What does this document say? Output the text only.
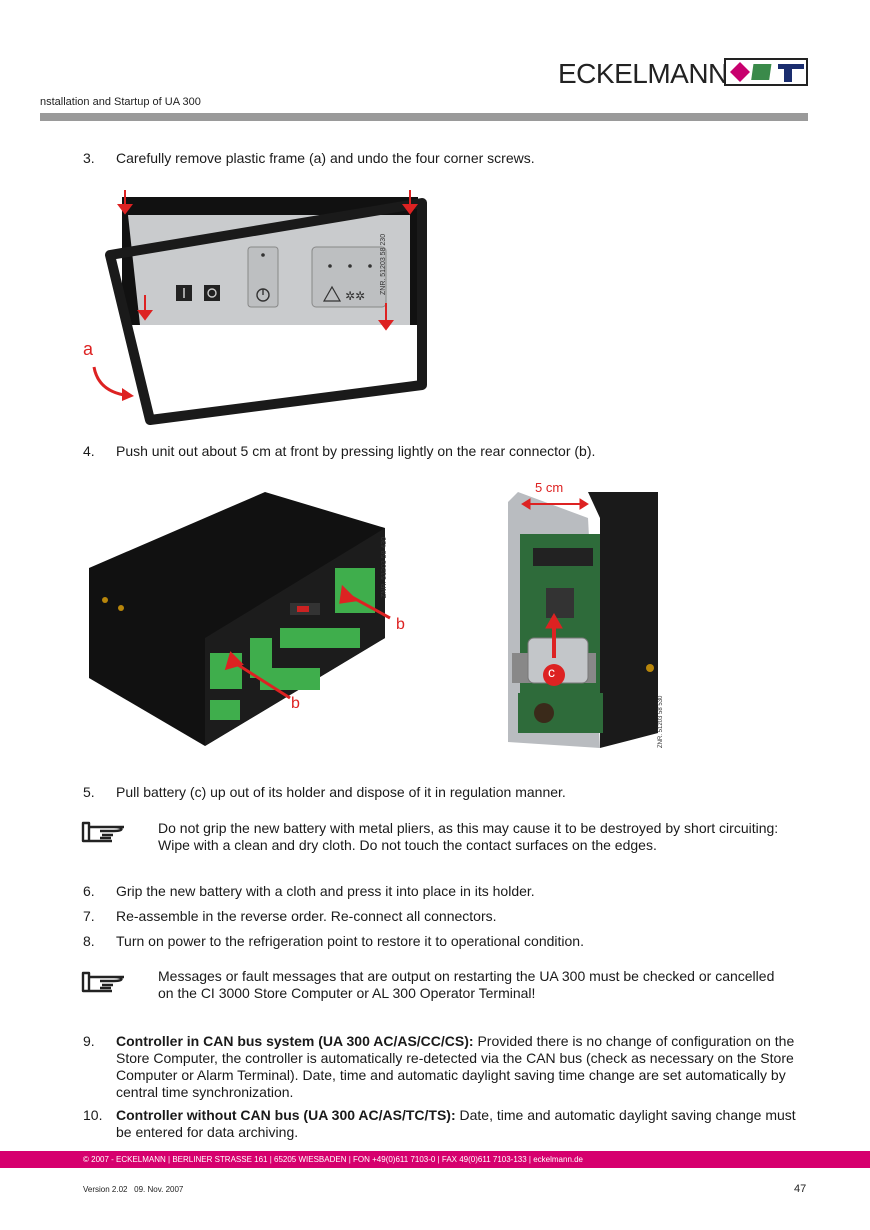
ECKELMANN
nstallation and Startup of UA 300
3. Carefully remove plastic frame (a) and undo the four corner screws.
✲✲
a
ZNR. 51203 58 230
4. Push unit out about 5 cm at front by pressing lightly on the rear connector (b).
b
b
ZNR. 51203 58 430
5 cm
c
ZNR. 51203 58 530
5. Pull battery (c) up out of its holder and dispose of it in regulation manner.
Do not grip the new battery with metal pliers, as this may cause it to be destroyed by short circuiting:
Wipe with a clean and dry cloth. Do not touch the contact surfaces on the edges.
6. Grip the new battery with a cloth and press it into place in its holder.
7. Re-assemble in the reverse order. Re-connect all connectors.
8. Turn on power to the refrigeration point to restore it to operational condition.
Messages or fault messages that are output on restarting the UA 300 must be checked or cancelled
on the CI 3000 Store Computer or AL 300 Operator Terminal!
9. Controller in CAN bus system (UA 300 AC/AS/CC/CS): Provided there is no change of configuration on the Store Computer, the controller is automatically re-detected via the CAN bus (check as necessary on the Store Computer or Alarm Terminal). Date, time and automatic daylight saving time change are set automatically by central time synchronization.
10. Controller without CAN bus (UA 300 AC/AS/TC/TS): Date, time and automatic daylight saving change must be entered for data archiving.
© 2007 - ECKELMANN | BERLINER STRASSE 161 | 65205 WIESBADEN | FON +49(0)611 7103-0 | FAX 49(0)611 7103-133 | eckelmann.de
Version 2.02   09. Nov. 2007	47
